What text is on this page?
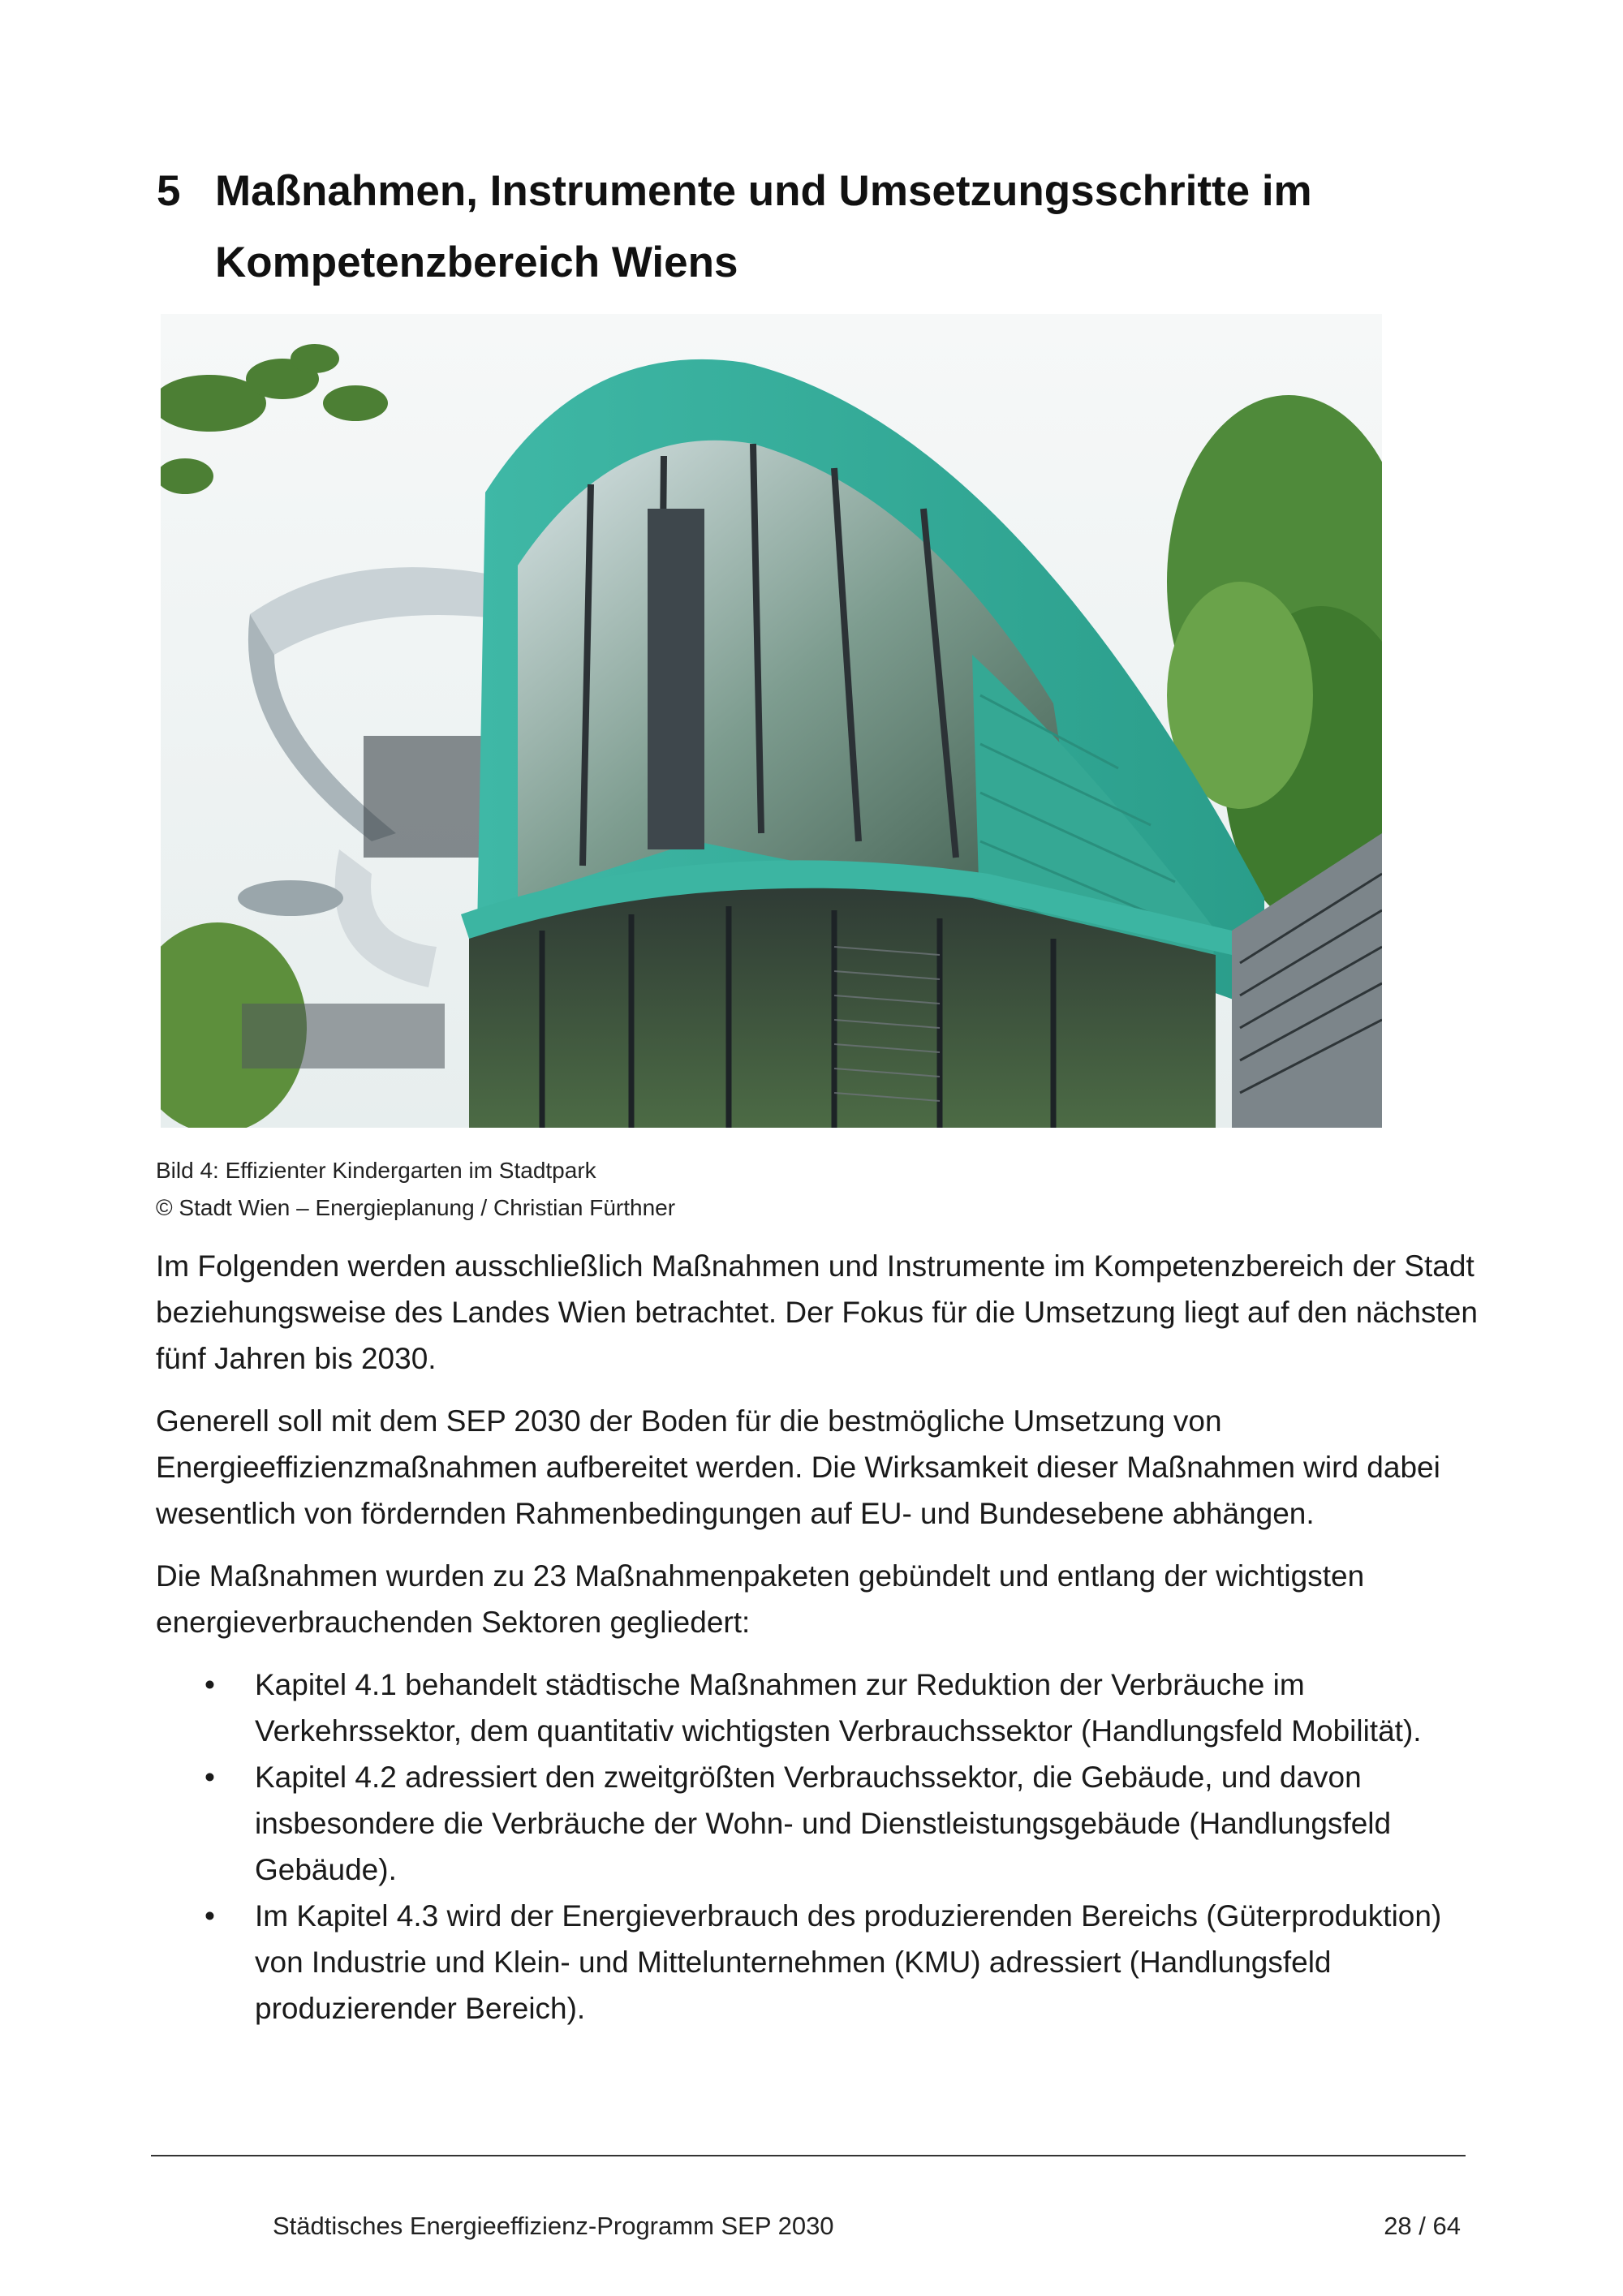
5 Maßnahmen, Instrumente und Umsetzungsschritte im Kompetenzbereich Wiens
Bild 4: Effizienter Kindergarten im Stadtpark
© Stadt Wien – Energieplanung / Christian Fürthner

Im Folgenden werden ausschließlich Maßnahmen und Instrumente im Kompetenzbereich der Stadt beziehungsweise des Landes Wien betrachtet. Der Fokus für die Umsetzung liegt auf den nächsten fünf Jahren bis 2030.

Generell soll mit dem SEP 2030 der Boden für die bestmögliche Umsetzung von Energieeffizienzmaßnahmen aufbereitet werden. Die Wirksamkeit dieser Maßnahmen wird dabei wesentlich von fördernden Rahmenbedingungen auf EU- und Bundesebene abhängen.

Die Maßnahmen wurden zu 23 Maßnahmenpaketen gebündelt und entlang der wichtigsten energieverbrauchenden Sektoren gegliedert:

• Kapitel 4.1 behandelt städtische Maßnahmen zur Reduktion der Verbräuche im Verkehrssektor, dem quantitativ wichtigsten Verbrauchssektor (Handlungsfeld Mobilität).
• Kapitel 4.2 adressiert den zweitgrößten Verbrauchssektor, die Gebäude, und davon insbesondere die Verbräuche der Wohn- und Dienstleistungsgebäude (Handlungsfeld Gebäude).
• Im Kapitel 4.3 wird der Energieverbrauch des produzierenden Bereichs (Güterproduktion) von Industrie und Klein- und Mittelunternehmen (KMU) adressiert (Handlungsfeld produzierender Bereich).
Städtisches Energieeffizienz-Programm SEP 2030	28 / 64
